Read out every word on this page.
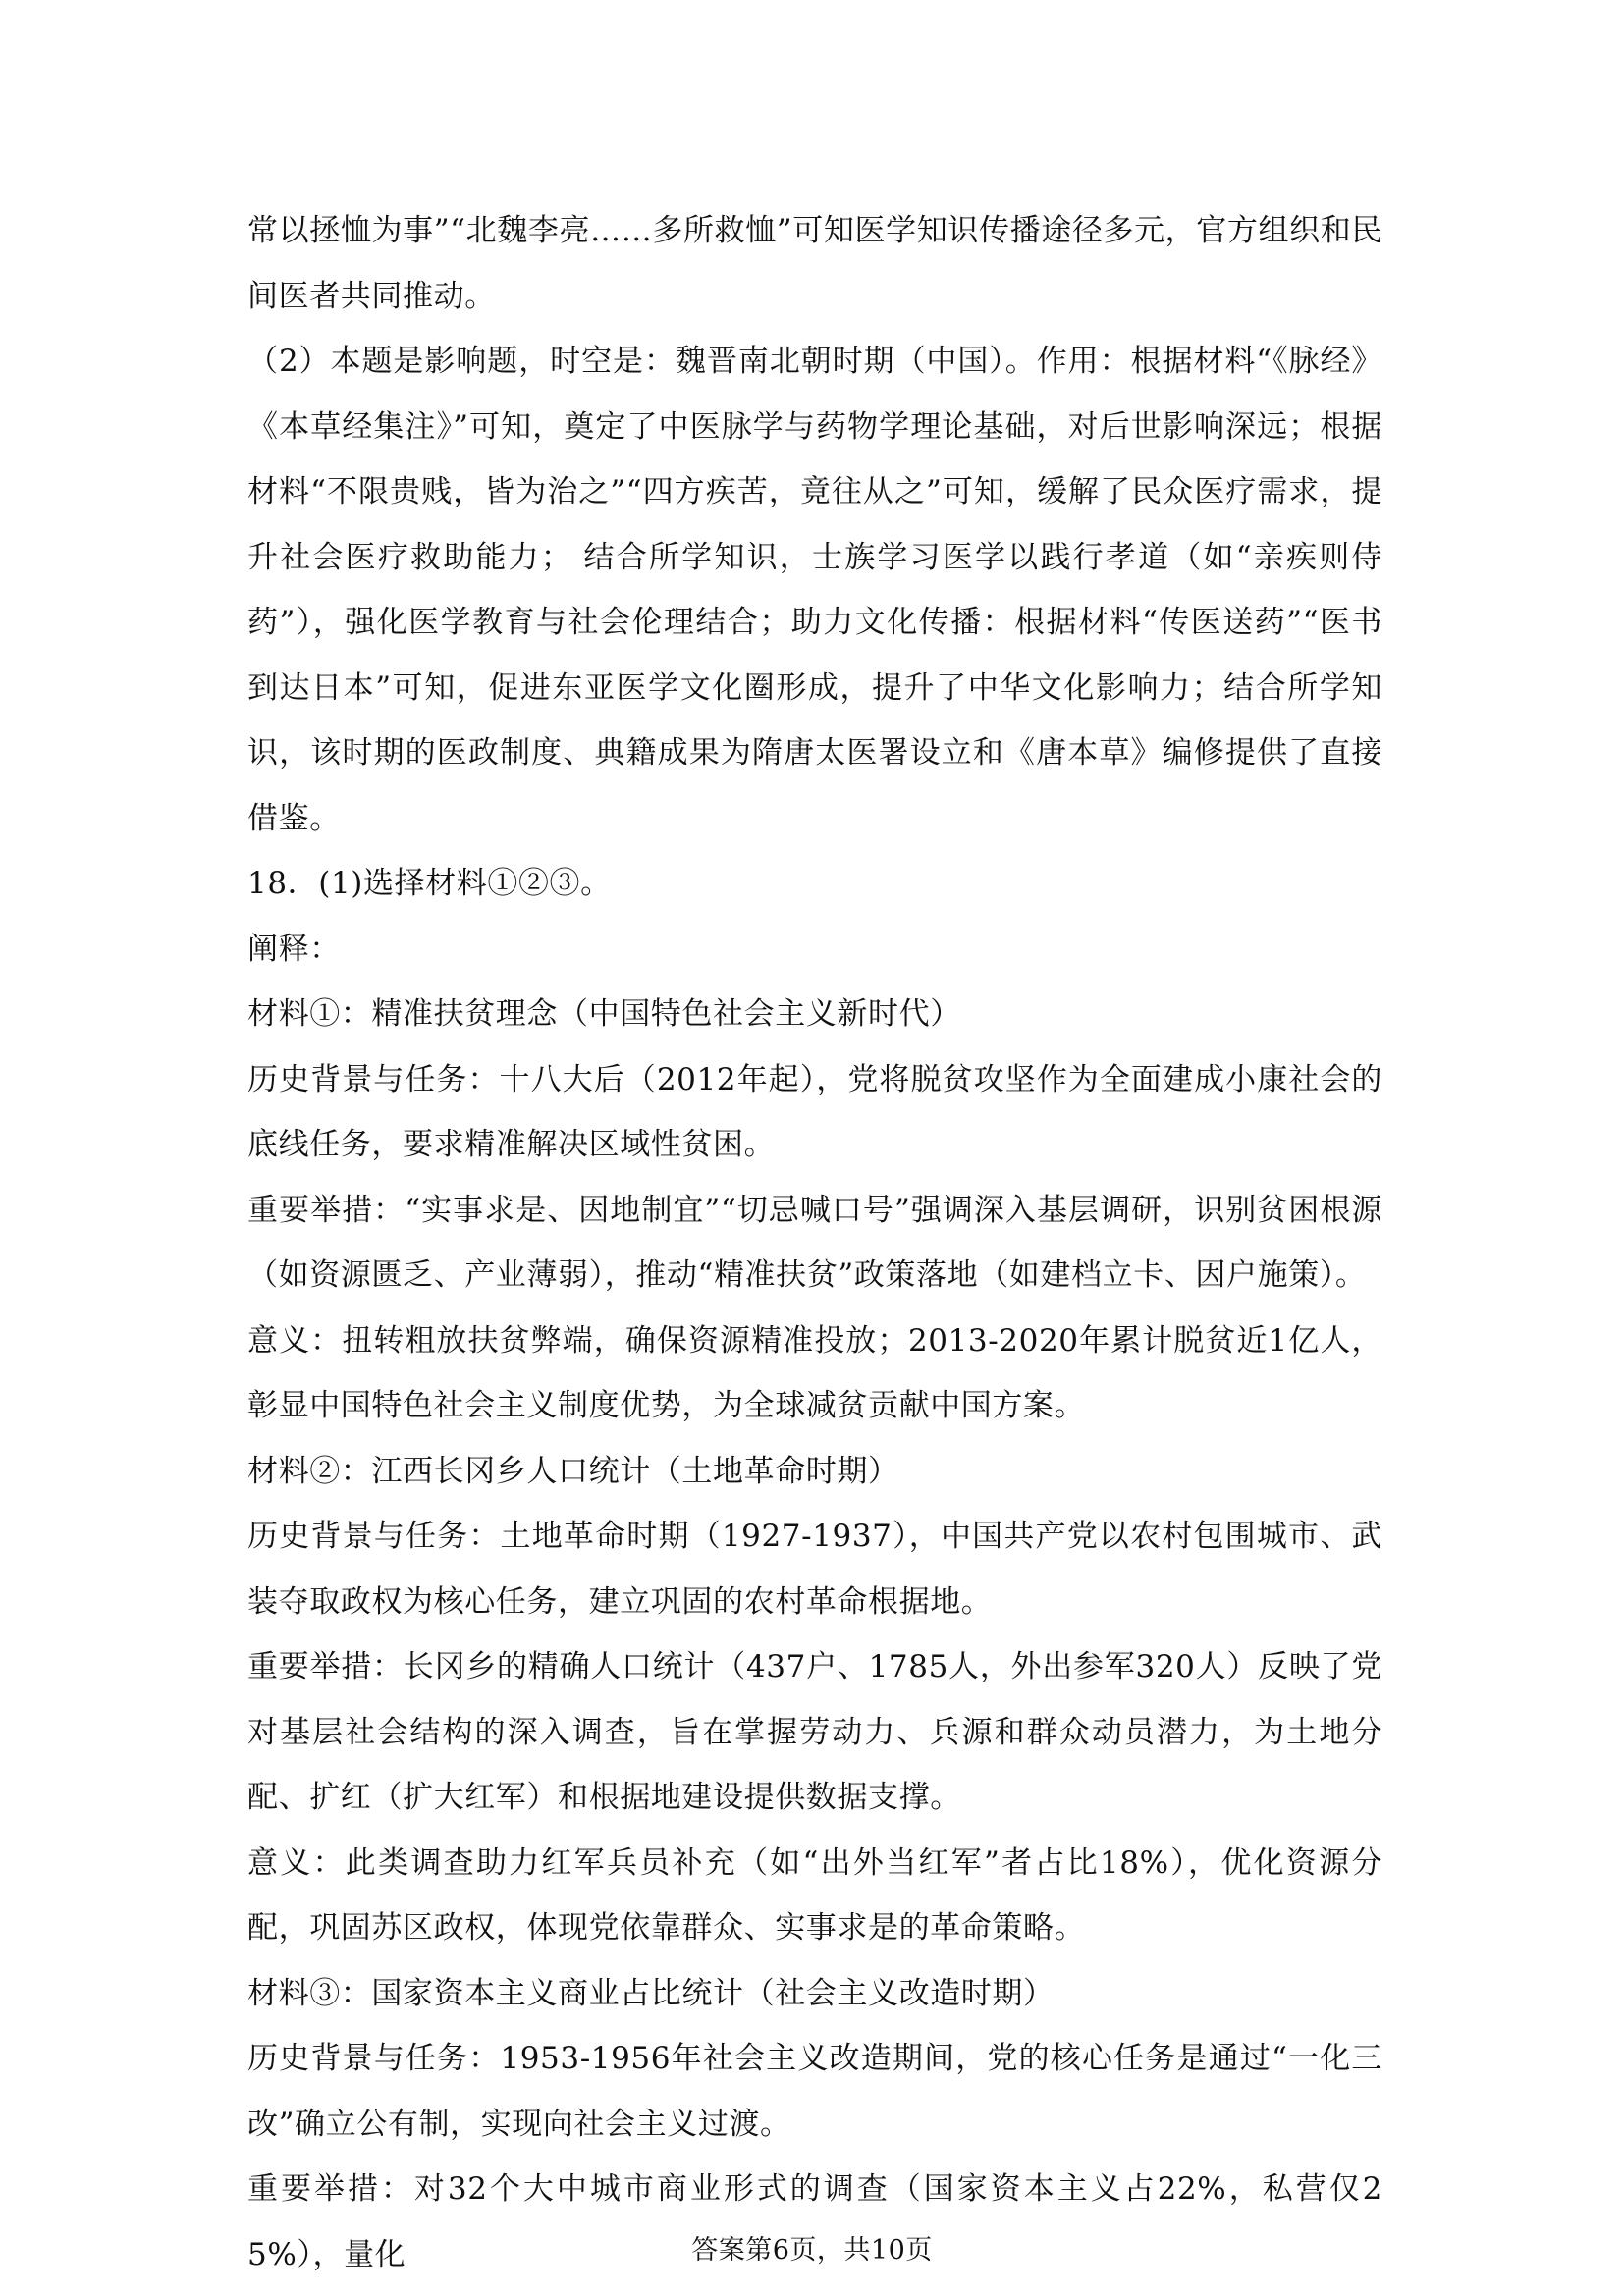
常以拯恤为事”“北魏李亮……多所救恤”可知医学知识传播途径多元，官方组织和民间医者共同推动。

（2）本题是影响题，时空是：魏晋南北朝时期（中国）。作用：根据材料“《脉经》《本草经集注》”可知，奠定了中医脉学与药物学理论基础，对后世影响深远；根据材料“不限贵贱，皆为治之”“四方疾苦，竟往从之”可知，缓解了民众医疗需求，提升社会医疗救助能力； 结合所学知识，士族学习医学以践行孝道（如“亲疾则侍药”），强化医学教育与社会伦理结合；助力文化传播：根据材料“传医送药”“医书到达日本”可知，促进东亚医学文化圈形成，提升了中华文化影响力；结合所学知识，该时期的医政制度、典籍成果为隋唐太医署设立和《唐本草》编修提供了直接借鉴。

18．(1)选择材料①②③。

阐释：

材料①：精准扶贫理念（中国特色社会主义新时代）

历史背景与任务：十八大后（2012年起），党将脱贫攻坚作为全面建成小康社会的底线任务，要求精准解决区域性贫困。

重要举措：“实事求是、因地制宜”“切忌喊口号”强调深入基层调研，识别贫困根源（如资源匮乏、产业薄弱），推动“精准扶贫”政策落地（如建档立卡、因户施策）。

意义：扭转粗放扶贫弊端，确保资源精准投放；2013-2020年累计脱贫近1亿人，彰显中国特色社会主义制度优势，为全球减贫贡献中国方案。

材料②：江西长冈乡人口统计（土地革命时期）

历史背景与任务：土地革命时期（1927-1937），中国共产党以农村包围城市、武装夺取政权为核心任务，建立巩固的农村革命根据地。

重要举措：长冈乡的精确人口统计（437户、1785人，外出参军320人）反映了党对基层社会结构的深入调查，旨在掌握劳动力、兵源和群众动员潜力，为土地分配、扩红（扩大红军）和根据地建设提供数据支撑。

意义：此类调查助力红军兵员补充（如“出外当红军”者占比18%），优化资源分配，巩固苏区政权，体现党依靠群众、实事求是的革命策略。

材料③：国家资本主义商业占比统计（社会主义改造时期）

历史背景与任务：1953-1956年社会主义改造期间，党的核心任务是通过“一化三改”确立公有制，实现向社会主义过渡。

重要举措：对32个大中城市商业形式的调查（国家资本主义占22%，私营仅25%），量化	答案第6页，共10页
